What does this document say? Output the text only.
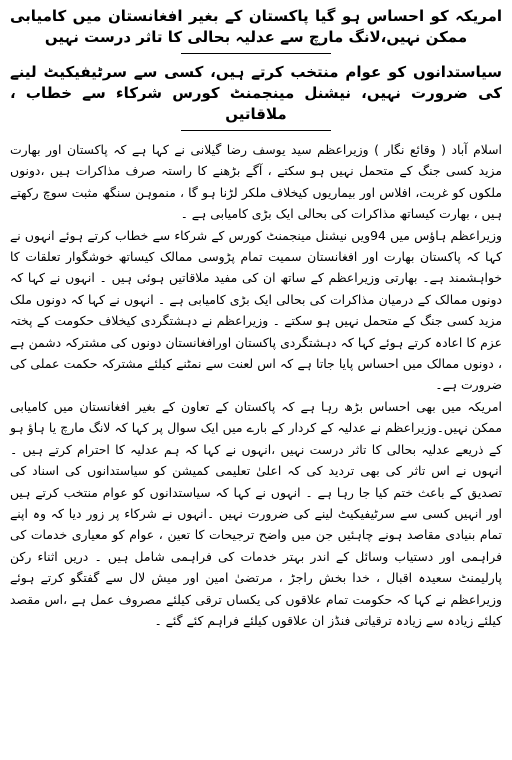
امریکہ کو احساس ہو گیا پاکستان کے بغیر افغانستان میں کامیابی ممکن نہیں،لانگ مارچ سے عدلیہ بحالی کا تاثر درست نہیں
سیاستدانوں کو عوام منتخب کرتے ہیں، کسی سے سرٹیفیکیٹ لینے کی ضرورت نہیں، نیشنل مینجمنٹ کورس شرکاء سے خطاب ، ملاقاتیں
اسلام آباد ( وقائع نگار ) وزیراعظم سید یوسف رضا گیلانی نے کہا ہے کہ پاکستان اور بھارت مزید کسی جنگ کے متحمل نہیں ہو سکتے ، آگے بڑھنے کا راستہ صرف مذاکرات ہیں ،دونوں ملکوں کو غربت، افلاس اور بیماریوں کیخلاف ملکر لڑنا ہو گا ، منموہن سنگھ مثبت سوچ رکھتے ہیں ، بھارت کیساتھ مذاکرات کی بحالی ایک بڑی کامیابی ہے ۔
وزیراعظم ہاؤس میں 94ویں نیشنل مینجمنٹ کورس کے شرکاء سے خطاب کرتے ہوئے انہوں نے کہا کہ پاکستان بھارت اور افغانستان سمیت تمام پڑوسی ممالک کیساتھ خوشگوار تعلقات کا خواہشمند ہے۔ بھارتی وزیراعظم کے ساتھ ان کی مفید ملاقاتیں ہوئی ہیں ۔ انہوں نے کہا کہ دونوں ممالک کے درمیان مذاکرات کی بحالی ایک بڑی کامیابی ہے ۔ انہوں نے کہا کہ دونوں ملک مزید کسی جنگ کے متحمل نہیں ہو سکتے ۔ وزیراعظم نے دہشتگردی کیخلاف حکومت کے پختہ عزم کا اعادہ کرتے ہوئے کہا کہ دہشتگردی پاکستان اورافغانستان دونوں کی مشترکہ دشمن ہے ، دونوں ممالک میں احساس پایا جاتا ہے کہ اس لعنت سے نمٹنے کیلئے مشترکہ حکمت عملی کی ضرورت ہے۔
امریکہ میں بھی احساس بڑھ رہا ہے کہ پاکستان کے تعاون کے بغیر افغانستان میں کامیابی ممکن نہیں۔وزیراعظم نے عدلیہ کے کردار کے بارے میں ایک سوال پر کہا کہ لانگ مارچ یا ہاؤ ہو کے ذریعے عدلیہ بحالی کا تاثر درست نہیں ،انہوں نے کہا کہ ہم عدلیہ کا احترام کرتے ہیں ۔ انہوں نے اس تاثر کی بھی تردید کی کہ اعلیٰ تعلیمی کمیشن کو سیاستدانوں کی اسناد کی تصدیق کے باعث ختم کیا جا رہا ہے ۔ انہوں نے کہا کہ سیاستدانوں کو عوام منتخب کرتے ہیں اور انہیں کسی سے سرٹیفیکیٹ لینے کی ضرورت نہیں ۔انہوں نے شرکاء پر زور دیا کہ وہ اپنے تمام بنیادی مقاصد ہونے چاہئیں جن میں واضح ترجیحات کا تعین ، عوام کو معیاری خدمات کی فراہمی اور دستیاب وسائل کے اندر بہتر خدمات کی فراہمی شامل ہیں ۔ دریں اثناء رکن پارلیمنٹ سعیدہ اقبال ، خدا بخش راجڑ ، مرتضیٰ امین اور میش لال سے گفتگو کرتے ہوئے وزیراعظم نے کہا کہ حکومت تمام علاقوں کی یکساں ترقی کیلئے مصروف عمل ہے ،اس مقصد کیلئے زیادہ سے زیادہ ترقیاتی فنڈز ان علاقوں کیلئے فراہم کئے گئے ۔
